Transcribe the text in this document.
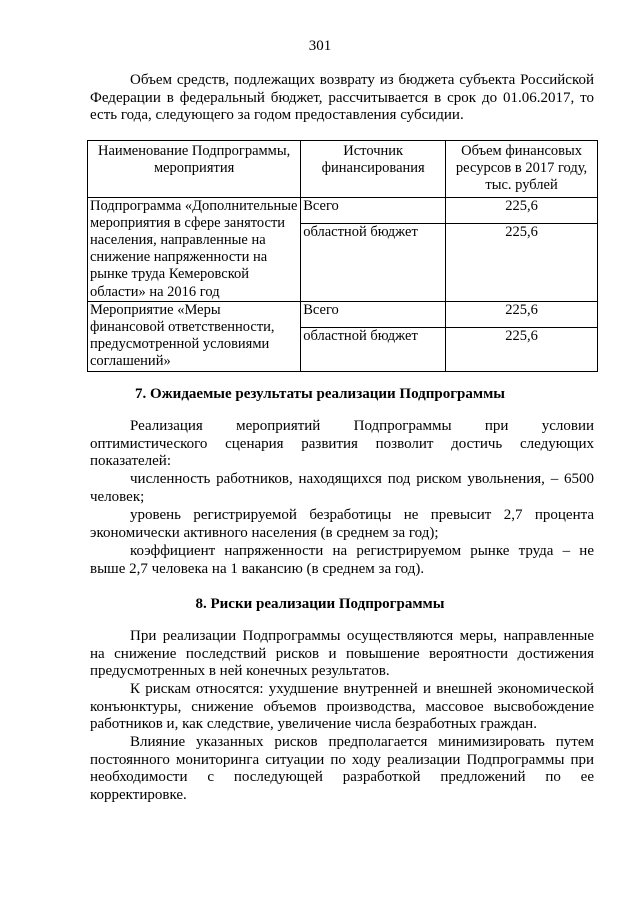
301

Объем средств, подлежащих возврату из бюджета субъекта Российской Федерации в федеральный бюджет, рассчитывается в срок до 01.06.2017, то есть года, следующего за годом предоставления субсидии.

Наименование Подпрограммы, мероприятия	Источник финансирования	Объем финансовых ресурсов в 2017 году, тыс. рублей
Подпрограмма «Дополнительные мероприятия в сфере занятости населения, направленные на снижение напряженности на рынке труда Кемеровской области» на 2016 год	Всего	225,6
	областной бюджет	225,6
Мероприятие «Меры финансовой ответственности, предусмотренной условиями соглашений»	Всего	225,6
	областной бюджет	225,6

7. Ожидаемые результаты реализации Подпрограммы

Реализация мероприятий Подпрограммы при условии оптимистического сценария развития позволит достичь следующих показателей:

численность работников, находящихся под риском увольнения, – 6500 человек;

уровень регистрируемой безработицы не превысит 2,7 процента экономически активного населения (в среднем за год);

коэффициент напряженности на регистрируемом рынке труда – не выше 2,7 человека на 1 вакансию (в среднем за год).

8. Риски реализации Подпрограммы

При реализации Подпрограммы осуществляются меры, направленные на снижение последствий рисков и повышение вероятности достижения предусмотренных в ней конечных результатов.

К рискам относятся: ухудшение внутренней и внешней экономической конъюнктуры, снижение объемов производства, массовое высвобождение работников и, как следствие, увеличение числа безработных граждан.

Влияние указанных рисков предполагается минимизировать путем постоянного мониторинга ситуации по ходу реализации Подпрограммы при необходимости с последующей разработкой предложений по ее корректировке.
